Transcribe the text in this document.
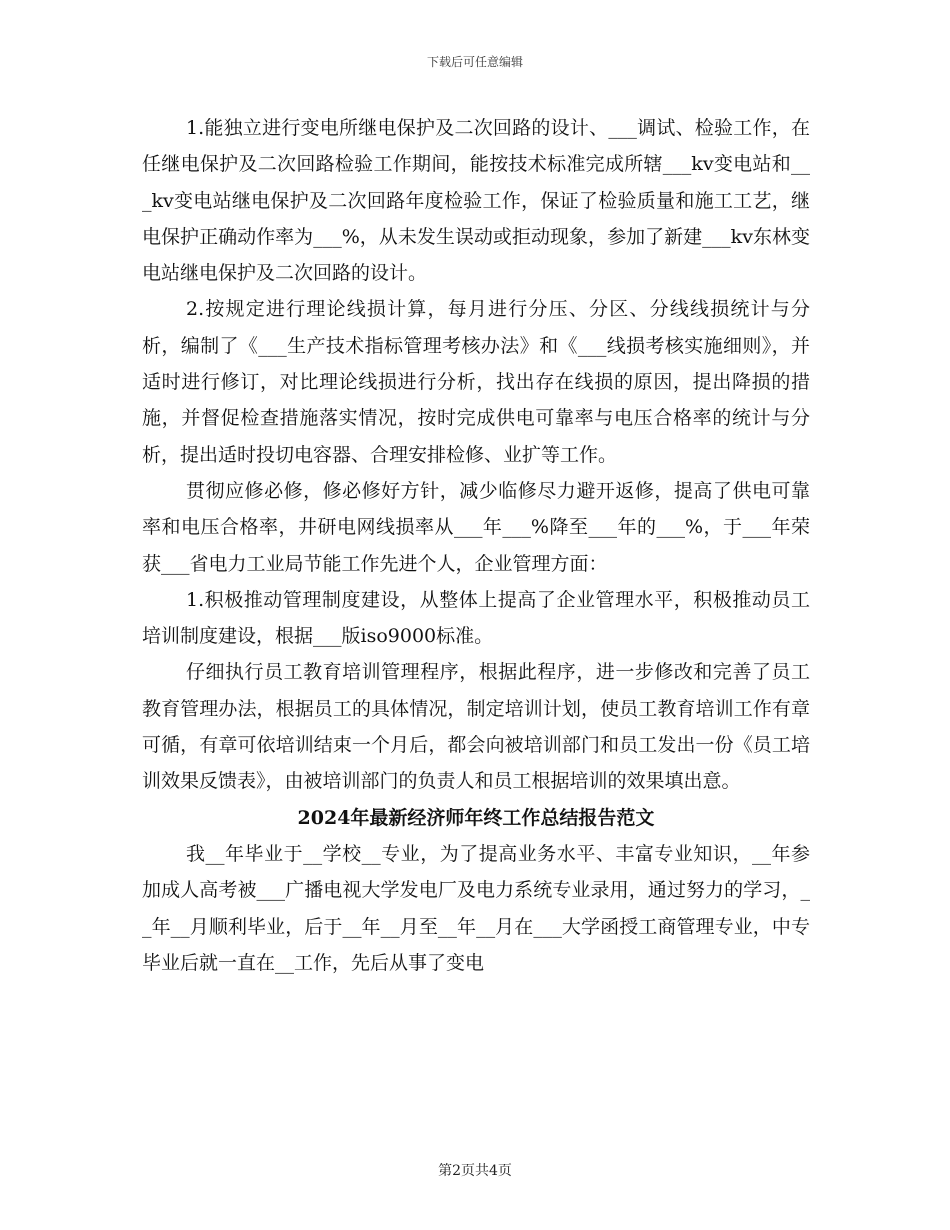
下载后可任意编辑

1.能独立进行变电所继电保护及二次回路的设计、___调试、检验工作，在任继电保护及二次回路检验工作期间，能按技术标准完成所辖___kv变电站和___kv变电站继电保护及二次回路年度检验工作，保证了检验质量和施工工艺，继电保护正确动作率为___%，从未发生误动或拒动现象，参加了新建___kv东林变电站继电保护及二次回路的设计。

2.按规定进行理论线损计算，每月进行分压、分区、分线线损统计与分析，编制了《___生产技术指标管理考核办法》和《___线损考核实施细则》，并适时进行修订，对比理论线损进行分析，找出存在线损的原因，提出降损的措施，并督促检查措施落实情况，按时完成供电可靠率与电压合格率的统计与分析，提出适时投切电容器、合理安排检修、业扩等工作。

贯彻应修必修，修必修好方针，减少临修尽力避开返修，提高了供电可靠率和电压合格率，井研电网线损率从___年___%降至___年的___%，于___年荣获___省电力工业局节能工作先进个人，企业管理方面：

1.积极推动管理制度建设，从整体上提高了企业管理水平，积极推动员工培训制度建设，根据___版iso9000标准。

仔细执行员工教育培训管理程序，根据此程序，进一步修改和完善了员工教育管理办法，根据员工的具体情况，制定培训计划，使员工教育培训工作有章可循，有章可依培训结束一个月后，都会向被培训部门和员工发出一份《员工培训效果反馈表》，由被培训部门的负责人和员工根据培训的效果填出意。

2024年最新经济师年终工作总结报告范文

我__年毕业于__学校__专业，为了提高业务水平、丰富专业知识，__年参加成人高考被___广播电视大学发电厂及电力系统专业录用，通过努力的学习，__年__月顺利毕业，后于__年__月至__年__月在___大学函授工商管理专业，中专毕业后就一直在__工作，先后从事了变电

第2页共4页
